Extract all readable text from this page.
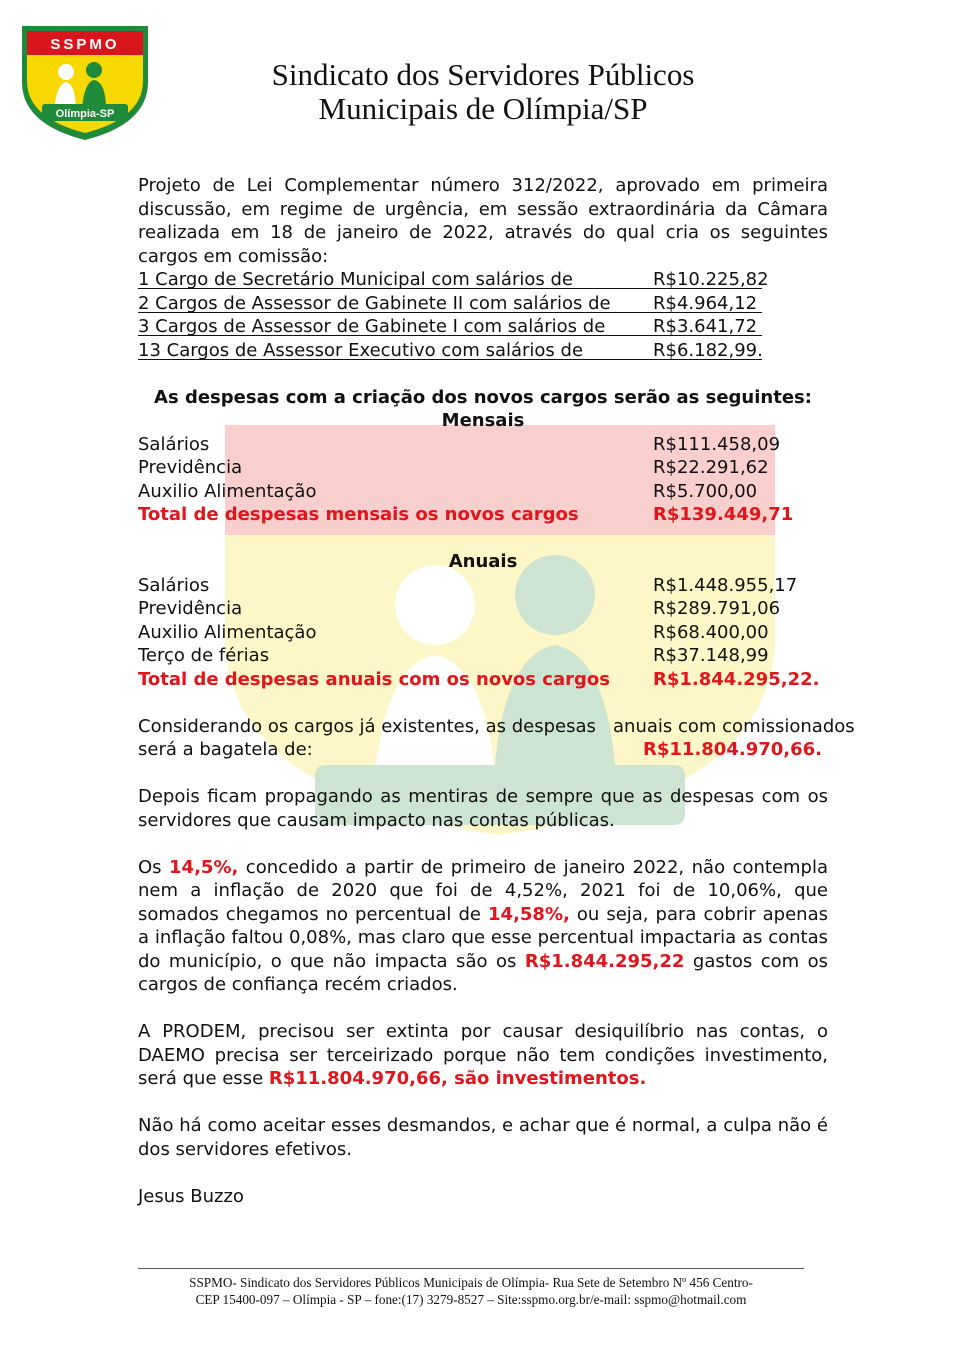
SSPMO
Olímpia-SP
Sindicato dos Servidores Públicos
Municipais de Olímpia/SP

Projeto de Lei Complementar número 312/2022, aprovado em primeira discussão, em regime de urgência, em sessão extraordinária da Câmara realizada em 18 de janeiro de 2022, através do qual cria os seguintes cargos em comissão:

1 Cargo de Secretário Municipal com salários de	R$10.225,82
2 Cargos de Assessor de Gabinete II com salários de R$4.964,12
3 Cargos de Assessor de Gabinete I com salários de	R$3.641,72
13 Cargos de Assessor Executivo com salários de	R$6.182,99.
As despesas com a criação dos novos cargos serão as seguintes:
Mensais
Salários	R$111.458,09
Previdência	R$22.291,62
Auxilio Alimentação	R$5.700,00
Total de despesas mensais os novos cargos	R$139.449,71
Anuais
Salários	R$1.448.955,17
Previdência	R$289.791,06
Auxilio Alimentação	R$68.400,00
Terço de férias	R$37.148,99
Total de despesas anuais com os novos cargos R$1.844.295,22.
Considerando os cargos já existentes, as despesas   anuais com comissionados
será a bagatela de:	R$11.804.970,66.

Depois ficam propagando as mentiras de sempre que as despesas com os servidores que causam impacto nas contas públicas.

Os 14,5%, concedido a partir de primeiro de janeiro 2022, não contempla nem a inflação de 2020 que foi de 4,52%, 2021 foi de 10,06%, que somados chegamos no percentual de 14,58%, ou seja, para cobrir apenas a inflação faltou 0,08%, mas claro que esse percentual impactaria as contas do município, o que não impacta são os R$1.844.295,22 gastos com os cargos de confiança recém criados.

A PRODEM, precisou ser extinta por causar desiquilíbrio nas contas, o DAEMO precisa ser terceirizado porque não tem condições investimento, será que esse R$11.804.970,66, são investimentos.

Não há como aceitar esses desmandos, e achar que é normal, a culpa não é dos servidores efetivos.

Jesus Buzzo
SSPMO- Sindicato dos Servidores Públicos Municipais de Olímpia- Rua Sete de Setembro Nº 456 Centro-
CEP 15400-097 – Olímpia - SP – fone:(17) 3279-8527 – Site:sspmo.org.br/e-mail: sspmo@hotmail.com
